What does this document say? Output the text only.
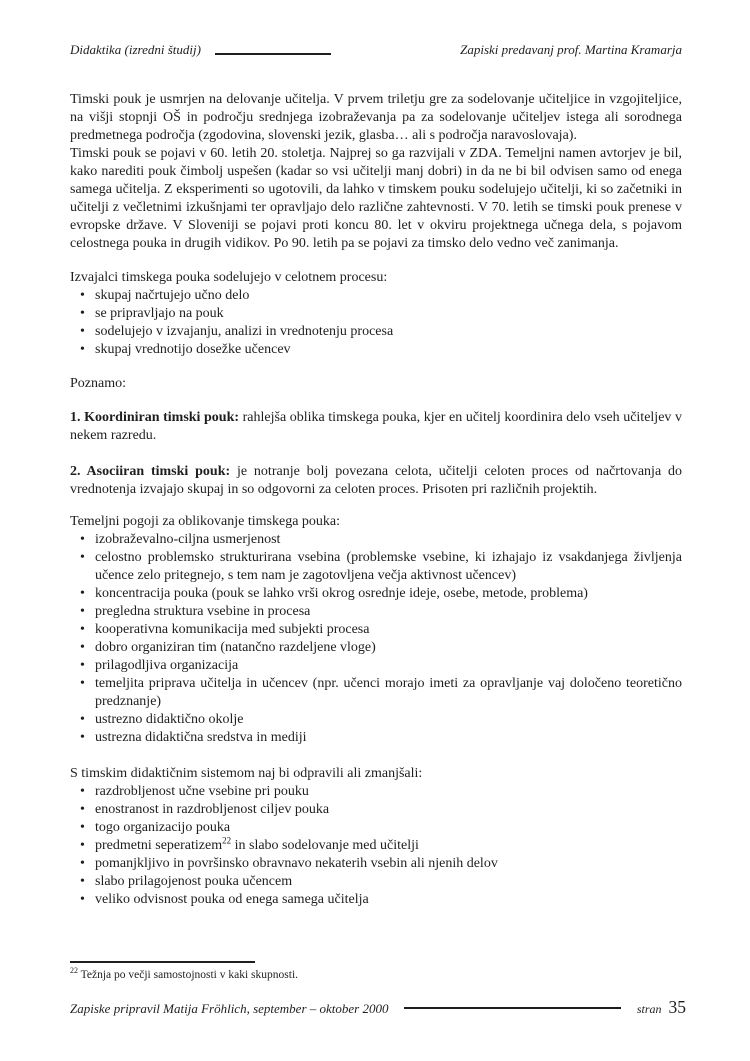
Didaktika (izredni študij)	Zapiski predavanj prof. Martina Kramarja

Timski pouk je usmrjen na delovanje učitelja. V prvem triletju gre za sodelovanje učiteljice in vzgojiteljice, na višji stopnji OŠ in področju srednjega izobraževanja pa za sodelovanje učiteljev istega ali sorodnega predmetnega področja (zgodovina, slovenski jezik, glasba… ali s področja naravoslovaja).

Timski pouk se pojavi v 60. letih 20. stoletja. Najprej so ga razvijali v ZDA. Temeljni namen avtorjev je bil, kako narediti pouk čimbolj uspešen (kadar so vsi učitelji manj dobri) in da ne bi bil odvisen samo od enega samega učitelja. Z eksperimenti so ugotovili, da lahko v timskem pouku sodelujejo učitelji, ki so začetniki in učitelji z večletnimi izkušnjami ter opravljajo delo različne zahtevnosti. V 70. letih se timski pouk prenese v evropske države. V Sloveniji se pojavi proti koncu 80. let v okviru projektnega učnega dela, s pojavom celostnega pouka in drugih vidikov. Po 90. letih pa se pojavi za timsko delo vedno več zanimanja.

Izvajalci timskega pouka sodelujejo v celotnem procesu:

• skupaj načrtujejo učno delo
• se pripravljajo na pouk
• sodelujejo v izvajanju, analizi in vrednotenju procesa
• skupaj vrednotijo dosežke učencev

Poznamo:

1. Koordiniran timski pouk: rahlejša oblika timskega pouka, kjer en učitelj koordinira delo vseh učiteljev v nekem razredu.

2. Asociiran timski pouk: je notranje bolj povezana celota, učitelji celoten proces od načrtovanja do vrednotenja izvajajo skupaj in so odgovorni za celoten proces. Prisoten pri različnih projektih.

Temeljni pogoji za oblikovanje timskega pouka:

• izobraževalno-ciljna usmerjenost
• celostno problemsko strukturirana vsebina (problemske vsebine, ki izhajajo iz vsakdanjega življenja učence zelo pritegnejo, s tem nam je zagotovljena večja aktivnost učencev)
• koncentracija pouka (pouk se lahko vrši okrog osrednje ideje, osebe, metode, problema)
• pregledna struktura vsebine in procesa
• kooperativna komunikacija med subjekti procesa
• dobro organiziran tim (natančno razdeljene vloge)
• prilagodljiva organizacija
• temeljita priprava učitelja in učencev (npr. učenci morajo imeti za opravljanje vaj določeno teoretično predznanje)
• ustrezno didaktično okolje
• ustrezna didaktična sredstva in mediji

S timskim didaktičnim sistemom naj bi odpravili ali zmanjšali:

• razdrobljenost učne vsebine pri pouku
• enostranost in razdrobljenost ciljev pouka
• togo organizacijo pouka
• predmetni seperatizem$^{22}$ in slabo sodelovanje med učitelji
• pomanjkljivo in površinsko obravnavo nekaterih vsebin ali njenih delov
• slabo prilagojenost pouka učencem
• veliko odvisnost pouka od enega samega učitelja
$^{22}$ Težnja po večji samostojnosti v kaki skupnosti.
Zapiske pripravil Matija Fröhlich, september – oktober 2000	stran 35
